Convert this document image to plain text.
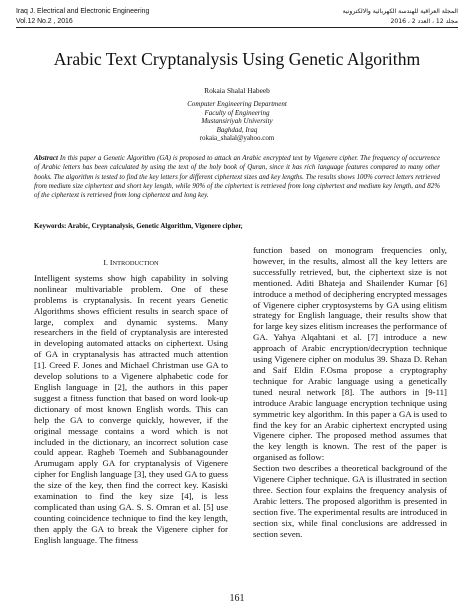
Iraq J. Electrical and Electronic Engineering
Vol.12 No.2 , 2016
المجلة العراقية للهندسة الكهربائية والالكترونية
مجلد 12 ، العدد 2 ، 2016
Arabic Text Cryptanalysis Using Genetic Algorithm
Rokaia Shalal Habeeb
Computer Engineering Department
Faculty of Engineering
Mustansiriyah University
Baghdad, Iraq
rokaia_shalal@yahoo.com
Abstract In this paper a Genetic Algorithm (GA) is proposed to attack an Arabic encrypted text by Vigenere cipher. The frequency of occurrence of Arabic letters has been calculated by using the text of the holy book of Quran, since it has rich language features compared to many other books. The algorithm is tested to find the key letters for different ciphertext sizes and key lengths. The results shows 100% correct letters retrieved from medium size ciphertext and short key length, while 90% of the ciphertext is retrieved from long ciphertext and medium key length, and 82% of the ciphertext is retrieved from long ciphertext and long key.
Keywords: Arabic, Cryptanalysis, Genetic Algorithm, Vigenere cipher,
I. INTRODUCTION

Intelligent systems show high capability in solving nonlinear multivariable problem. One of these problems is cryptanalysis. In recent years Genetic Algorithms shows efficient results in search space of large, complex and dynamic systems. Many researchers in the field of cryptanalysis are interested in developing automated attacks on ciphertext. Using of GA in cryptanalysis has attracted much attention [1]. Creed F. Jones and Michael Christman use GA to develop solutions to a Vigenere alphabetic code for English language in [2], the authors in this paper suggest a fitness function that based on word look-up dictionary of most known English words. This can help the GA to converge quickly, however, if the original message contains a word which is not included in the dictionary, an incorrect solution case could appear. Ragheb Toemeh and Subbanagounder Arumugam apply GA for cryptanalysis of Vigenere cipher for English language [3], they used GA to guess the size of the key, then find the correct key. Kasiski examination to find the key size [4], is less complicated than using GA. S. S. Omran et al. [5] use counting coincidence technique to find the key length, then apply the GA to break the Vigenere cipher for English language. The fitness

function based on monogram frequencies only, however, in the results, almost all the key letters are successfully retrieved, but, the ciphertext size is not mentioned. Aditi Bhateja and Shailender Kumar [6] introduce a method of deciphering encrypted messages of Vigenere cipher cryptosystems by GA using elitism strategy for English language, their results show that for large key sizes elitism increases the performance of GA. Yahya Alqahtani et al. [7] introduce a new approach of Arabic encryption/decryption technique using Vigenere cipher on modulus 39. Shaza D. Rehan and Saif Eldin F.Osma propose a cryptography technique for Arabic language using a genetically tuned neural network [8]. The authors in [9-11] introduce Arabic language encryption technique using symmetric key algorithm. In this paper a GA is used to find the key for an Arabic ciphertext encrypted using Vigenere cipher. The proposed method assumes that the key length is known. The rest of the paper is organised as follow:

Section two describes a theoretical background of the Vigenere Cipher technique. GA is illustrated in section three. Section four explains the frequency analysis of Arabic letters. The proposed algorithm is presented in section five. The experimental results are introduced in section six, while final conclusions are addressed in section seven.

161
